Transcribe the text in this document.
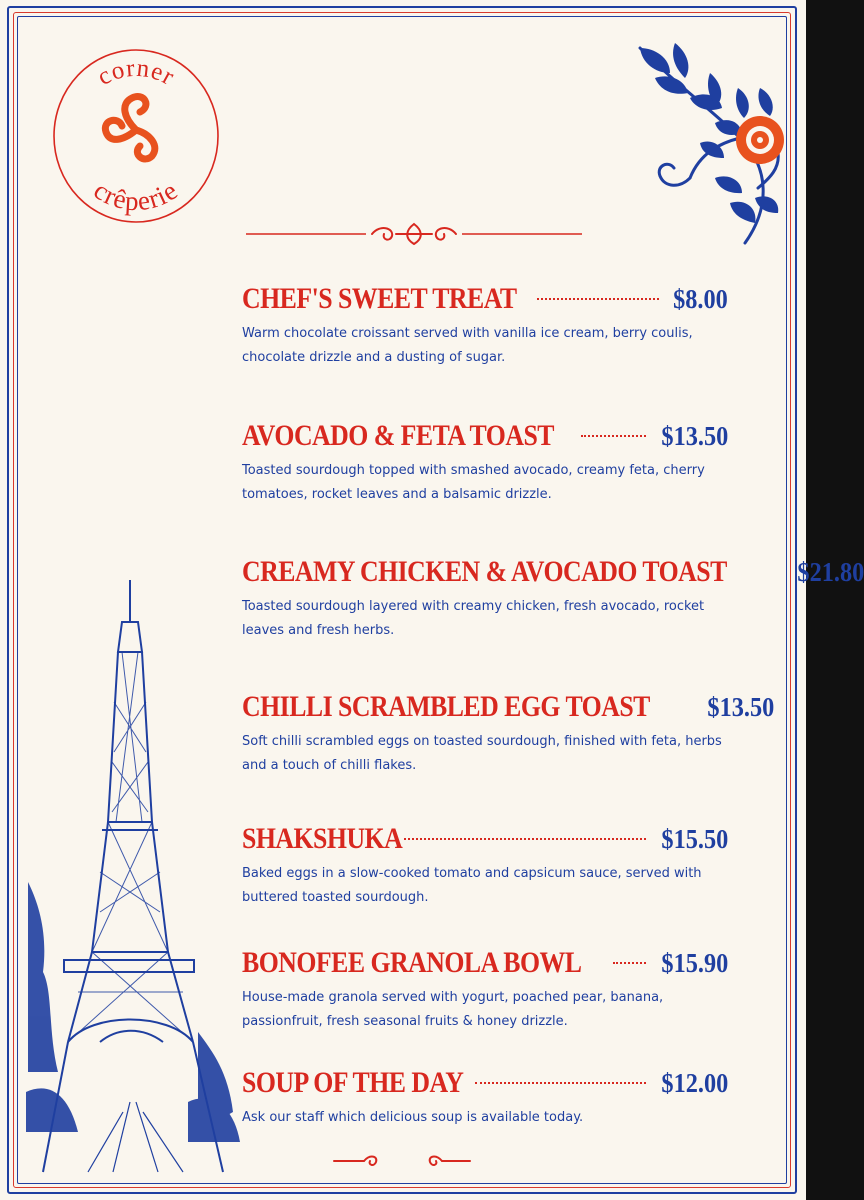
corner
crêperie
CHEF'S SWEET TREAT	$8.00
Warm chocolate croissant served with vanilla ice cream, berry coulis, chocolate drizzle and a dusting of sugar.
AVOCADO & FETA TOAST	$13.50
Toasted sourdough topped with smashed avocado, creamy feta, cherry tomatoes, rocket leaves and a balsamic drizzle.
CREAMY CHICKEN & AVOCADO TOAST	$21.80
Toasted sourdough layered with creamy chicken, fresh avocado, rocket leaves and fresh herbs.
CHILLI SCRAMBLED EGG TOAST $13.50
Soft chilli scrambled eggs on toasted sourdough, finished with feta, herbs and a touch of chilli flakes.
SHAKSHUKA	$15.50
Baked eggs in a slow-cooked tomato and capsicum sauce, served with buttered toasted sourdough.
BONOFEE GRANOLA BOWL	$15.90
House-made granola served with yogurt, poached pear, banana, passionfruit, fresh seasonal fruits & honey drizzle.
SOUP OF THE DAY	$12.00
Ask our staff which delicious soup is available today.
